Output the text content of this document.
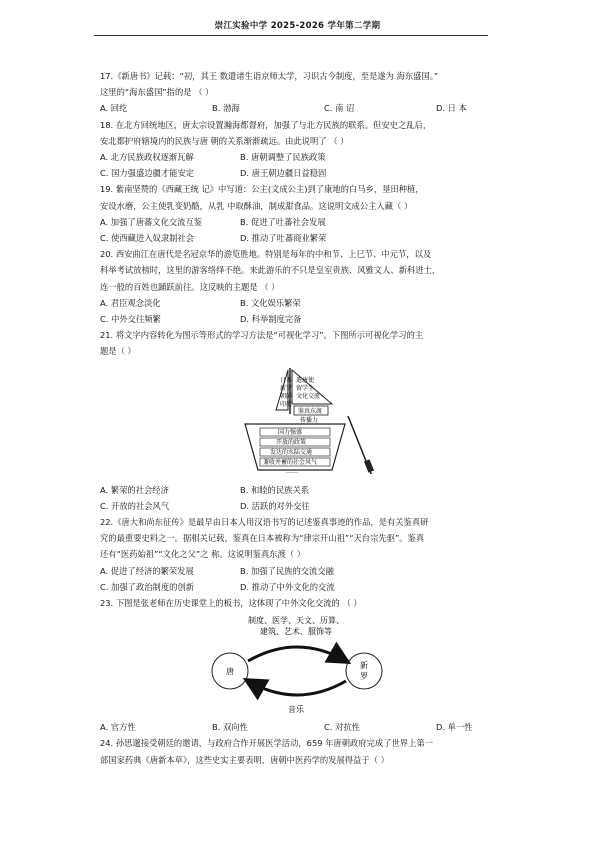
崇江实验中学 2025-2026 学年第二学期

17.《新唐书》记载：“初，其王 数遣诸生诣京师太学，习识古今制度，至是遂为 海东盛国。”

这里的“海东盛国”指的是 （ ）

A. 回纥	B. 渤海	C. 南 诏	D. 日 本

18. 在北方回统地区，唐太宗设置瀚海都督府，加强了与北方民族的联系。但安史之乱后，

安北都护府辖境内的民族与唐 朝的关系渐渐疏远。由此说明了 （ ）

A. 北方民族政权逐渐瓦解	B. 唐朝调整了民族政策
C. 国力强盛边疆才能安定	D. 唐王朝边疆日益稳固

19. 紫南坚赞的《西藏王统 记》中写道：公主(文成公主)到了康地的白马乡，垦田种植，

安设水磨，公主使乳变奶酪，从乳 中取酥油，制成甜食品。这说明文成公主入藏（ ）

A. 加强了唐蕃文化交流互鉴	B. 促进了吐蕃社会发展
C. 使西藏进入奴隶制社会	D. 推动了吐蕃商业繁荣

20. 西安曲江在唐代是名冠京华的游览胜地。特别是每年的中和节、上巳节、中元节，以及

科举考试放榜时，这里的游客络绎不绝。来此游乐的不只是皇室贵族、风雅文人、新科进士，

连一般的百姓也踊跃前往。这反映的主题是 （ ）

A. 君臣观念淡化	B. 文化娱乐繁荣
C. 中外交往频繁	D. 科举制度完备

21. 将文字内容转化为图示等形式的学习方法是“可视化学习”。下图所示可视化学习的主

题是（ ）

日本
新罗
朝鲜
印度
遣唐使
留学生
文化交流
鉴真东渡
传播力
国力强盛
开放的政策
发达的水陆交通
兼收并蓄的社会风气
……
A. 繁荣的社会经济	B. 和睦的民族关系
C. 开放的社会风气	D. 活跃的对外交往

22.《唐大和尚东征传》是最早由日本人用汉语书写的记述鉴真事迹的作品，是有关鉴真研

究的最重要史料之一。据相关记载，鉴真在日本被称为“律宗开山祖”“天台宗先驱”。鉴真

还有“医药始祖”“文化之父”之 称。这说明鉴真东渡（ ）

A. 促进了经济的繁荣发展	B. 加强了民族的交流交融
C. 加强了政治制度的创新	D. 推动了中外文化的交流

23. 下图是张老师在历史课堂上的板书，这体现了中外文化交流的 （ ）

制度、医学、天文、历算、
建筑、艺术、服饰等
唐
新
罗
音乐
A. 官方性	B. 双向性	C. 对抗性	D. 单一性

24. 孙思邈接受朝廷的邀请，与政府合作开展医学活动，659 年唐朝政府完成了世界上第一

部国家药典《唐新本草》，这些史实主要表明，唐朝中医药学的发展得益于（ ）
